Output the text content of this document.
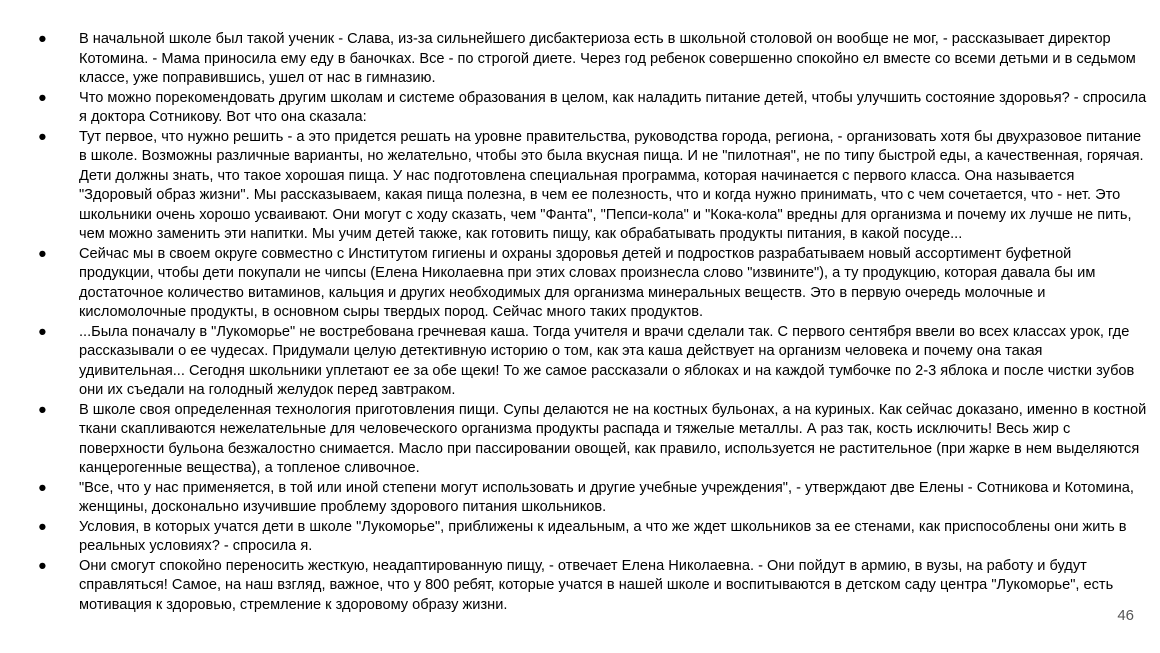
● В начальной школе был такой ученик - Слава, из-за сильнейшего дисбактериоза есть в школьной столовой он вообще не мог, - рассказывает директор Котомина. - Мама приносила ему еду в баночках. Все - по строгой диете. Через год ребенок совершенно спокойно ел вместе со всеми детьми и в седьмом классе, уже поправившись, ушел от нас в гимназию.
● Что можно порекомендовать другим школам и системе образования в целом, как наладить питание детей, чтобы улучшить состояние здоровья? - спросила я доктора Сотникову. Вот что она сказала:
● Тут первое, что нужно решить - а это придется решать на уровне правительства, руководства города, региона, - организовать хотя бы двухразовое питание в школе. Возможны различные варианты, но желательно, чтобы это была вкусная пища. И не "пилотная", не по типу быстрой еды, а качественная, горячая. Дети должны знать, что такое хорошая пища. У нас подготовлена специальная программа, которая начинается с первого класса. Она называется "Здоровый образ жизни". Мы рассказываем, какая пища полезна, в чем ее полезность, что и когда нужно принимать, что с чем сочетается, что - нет. Это школьники очень хорошо усваивают. Они могут с ходу сказать, чем "Фанта", "Пепси-кола" и "Кока-кола" вредны для организма и почему их лучше не пить, чем можно заменить эти напитки. Мы учим детей также, как готовить пищу, как обрабатывать продукты питания, в какой посуде...
● Сейчас мы в своем округе совместно с Институтом гигиены и охраны здоровья детей и подростков разрабатываем новый ассортимент буфетной продукции, чтобы дети покупали не чипсы (Елена Николаевна при этих словах произнесла слово "извините"), а ту продукцию, которая давала бы им достаточное количество витаминов, кальция и других необходимых для организма минеральных веществ. Это в первую очередь молочные и кисломолочные продукты, в основном сыры твердых пород. Сейчас много таких продуктов.
● ...Была поначалу в "Лукоморье" не востребована гречневая каша. Тогда учителя и врачи сделали так. С первого сентября ввели во всех классах урок, где рассказывали о ее чудесах. Придумали целую детективную историю о том, как эта каша действует на организм человека и почему она такая удивительная... Сегодня школьники уплетают ее за обе щеки! То же самое рассказали о яблоках и на каждой тумбочке по 2-3 яблока и после чистки зубов они их съедали на голодный желудок перед завтраком.
● В школе своя определенная технология приготовления пищи. Супы делаются не на костных бульонах, а на куриных. Как сейчас доказано, именно в костной ткани скапливаются нежелательные для человеческого организма продукты распада и тяжелые металлы. А раз так, кость исключить! Весь жир с поверхности бульона безжалостно снимается. Масло при пассировании овощей, как правило, используется не растительное (при жарке в нем выделяются канцерогенные вещества), а топленое сливочное.
● "Все, что у нас применяется, в той или иной степени могут использовать и другие учебные учреждения", - утверждают две Елены - Сотникова и Котомина, женщины, досконально изучившие проблему здорового питания школьников.
● Условия, в которых учатся дети в школе "Лукоморье", приближены к идеальным, а что же ждет школьников за ее стенами, как приспособлены они жить в реальных условиях? - спросила я.
● Они смогут спокойно переносить жесткую, неадаптированную пищу, - отвечает Елена Николаевна. - Они пойдут в армию, в вузы, на работу и будут справляться! Самое, на наш взгляд, важное, что у 800 ребят, которые учатся в нашей школе и воспитываются в детском саду центра "Лукоморье", есть мотивация к здоровью, стремление к здоровому образу жизни.
46
